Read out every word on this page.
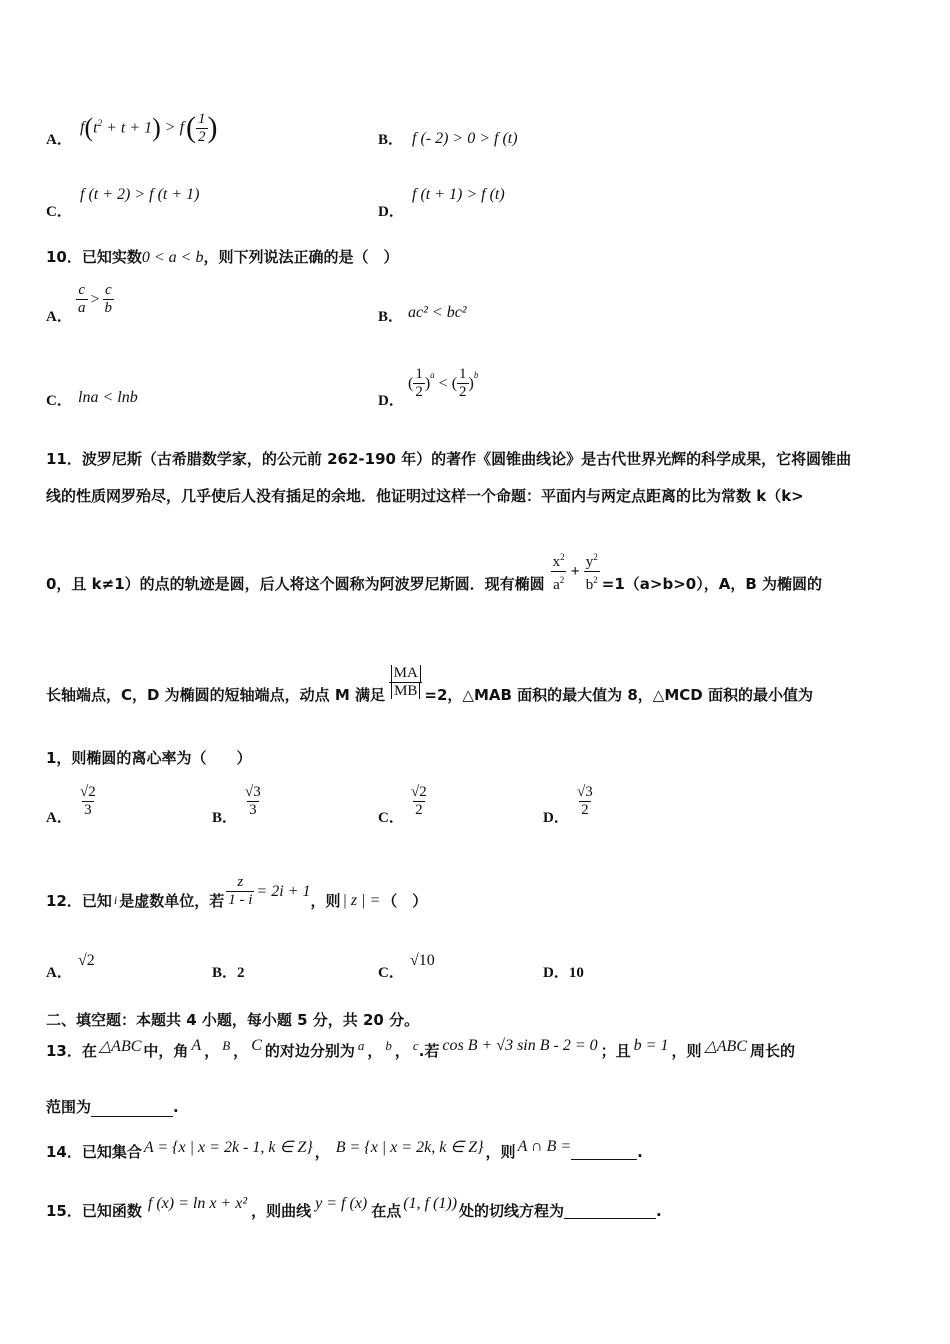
A．
f ( $t^2 + t + 1$ ) > f ( $\frac{1}{2}$ )	B． f (- 2) > 0 > f (t)
C．
f (t + 2) > f (t + 1)
D．
f (t + 1) > f (t)
10．已知实数0 < a < b，则下列说法正确的是（　）
A． $\frac{c}{a} > \frac{c}{b}$	B． ac² < bc²
C． lna < lnb	D．
( $\frac{1}{2}$ ) a < ( $\frac{1}{2}$ ) b
11．波罗尼斯（古希腊数学家，的公元前 262-190 年）的著作《圆锥曲线论》是古代世界光辉的科学成果，它将圆锥曲
线的性质网罗殆尽，几乎使后人没有插足的余地．他证明过这样一个命题：平面内与两定点距离的比为常数 k（k>
0，且 k≠1）的点的轨迹是圆，后人将这个圆称为阿波罗尼斯圆．现有椭圆 $\frac{x^2}{a^2} + \frac{y^2}{b^2} =1(a>b>0)$，A，B 为椭圆的
长轴端点，C，D 为椭圆的短轴端点，动点 M 满足 $\frac{MA}{MB} =2$，△MAB 面积的最大值为 8，△MCD 面积的最小值为
1，则椭圆的离心率为（　　）
A． $\frac{√2}{3}$	B． $\frac{√3}{3}$	C． $\frac{√2}{2}$	D． $\frac{√3}{2}$
12．已知 i 是虚数单位，若 $\frac{z}{1 - i} = 2i + 1$
，则 | z | = （　）
A．
√2
B．2	C．
√10
D．10
二、填空题：本题共 4 小题，每小题 5 分，共 20 分。
13．在 △ABC 中，角 A ， B ， C 的对边分别为 a ， b ， c .若 cos B + √3 sin B - 2 = 0 ；且 b = 1 ，则 △ABC 周长的
范围为	.
14．已知集合 A = {x | x = 2k - 1, k ∈ Z} ， B = {x | x = 2k, k ∈ Z} ，则 A ∩ B =	.
15．已知函数 f (x) = ln x + x² ，则曲线 y = f (x) 在点 (1, f (1)) 处的切线方程为	.
